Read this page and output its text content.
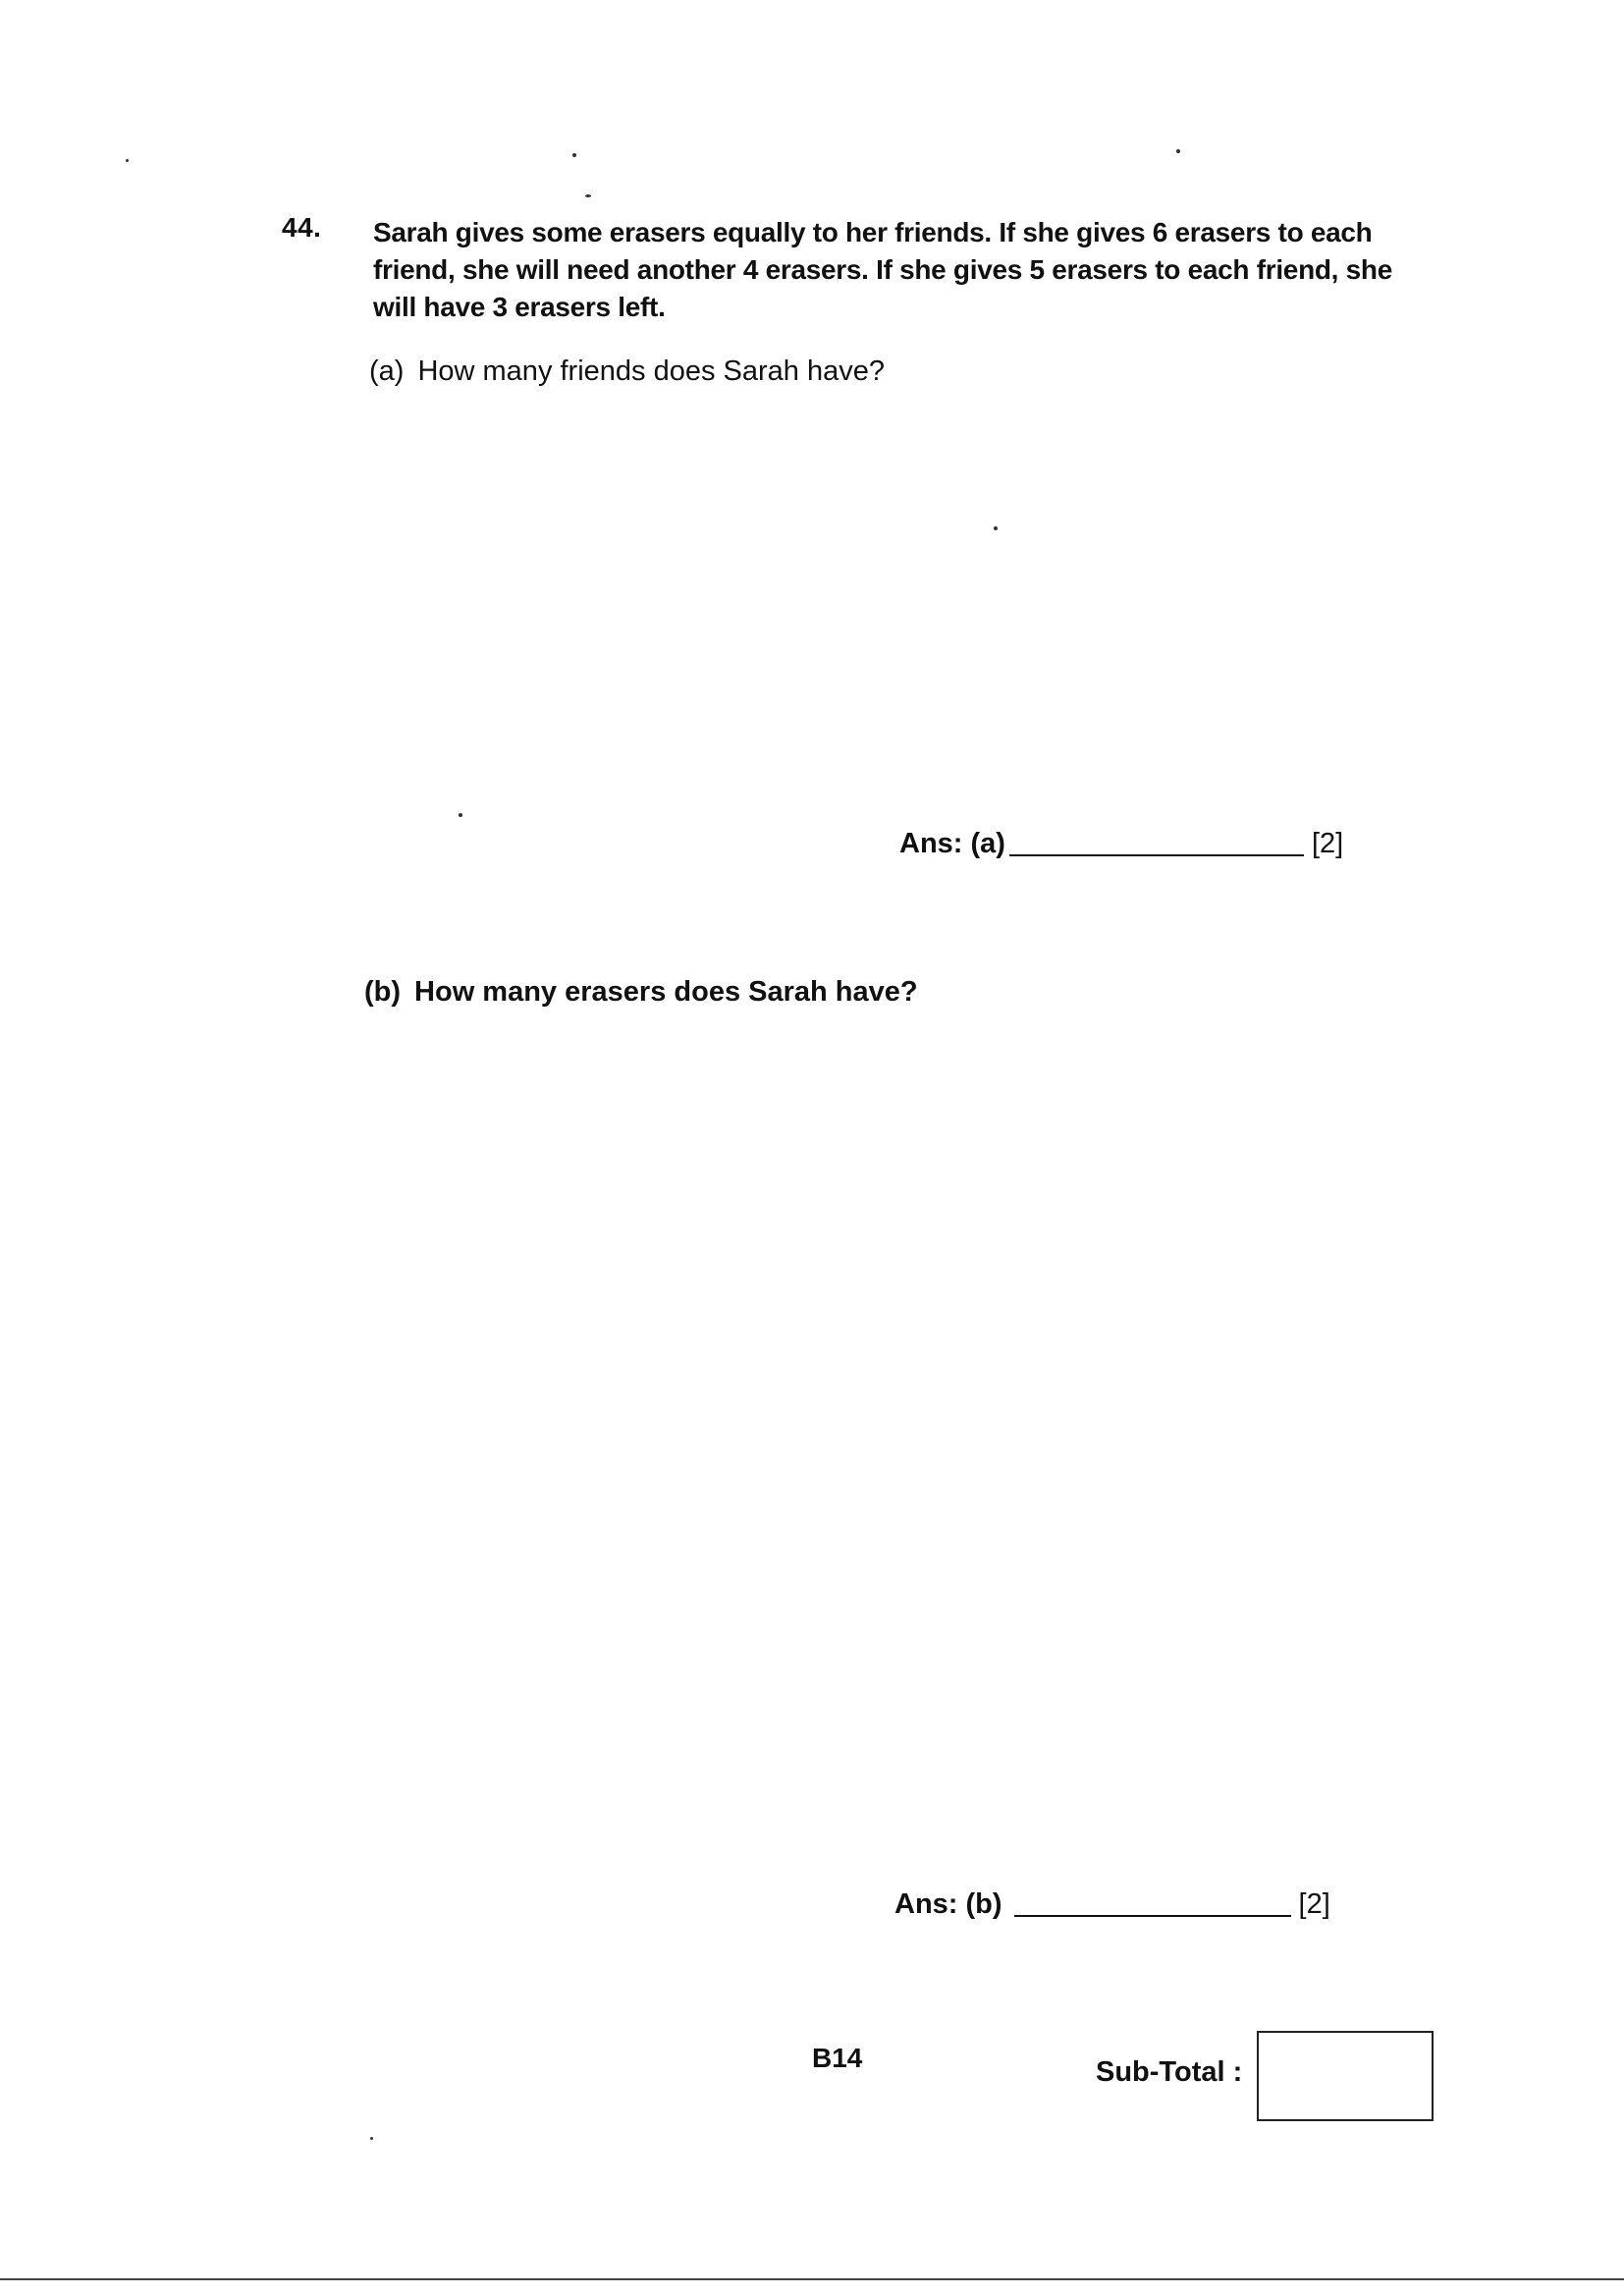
44. Sarah gives some erasers equally to her friends. If she gives 6 erasers to each
friend, she will need another 4 erasers. If she gives 5 erasers to each friend, she
will have 3 erasers left.
(a) How many friends does Sarah have?
Ans: (a)	[2]
(b) How many erasers does Sarah have?
Ans: (b)	[2]
B14	Sub-Total :
